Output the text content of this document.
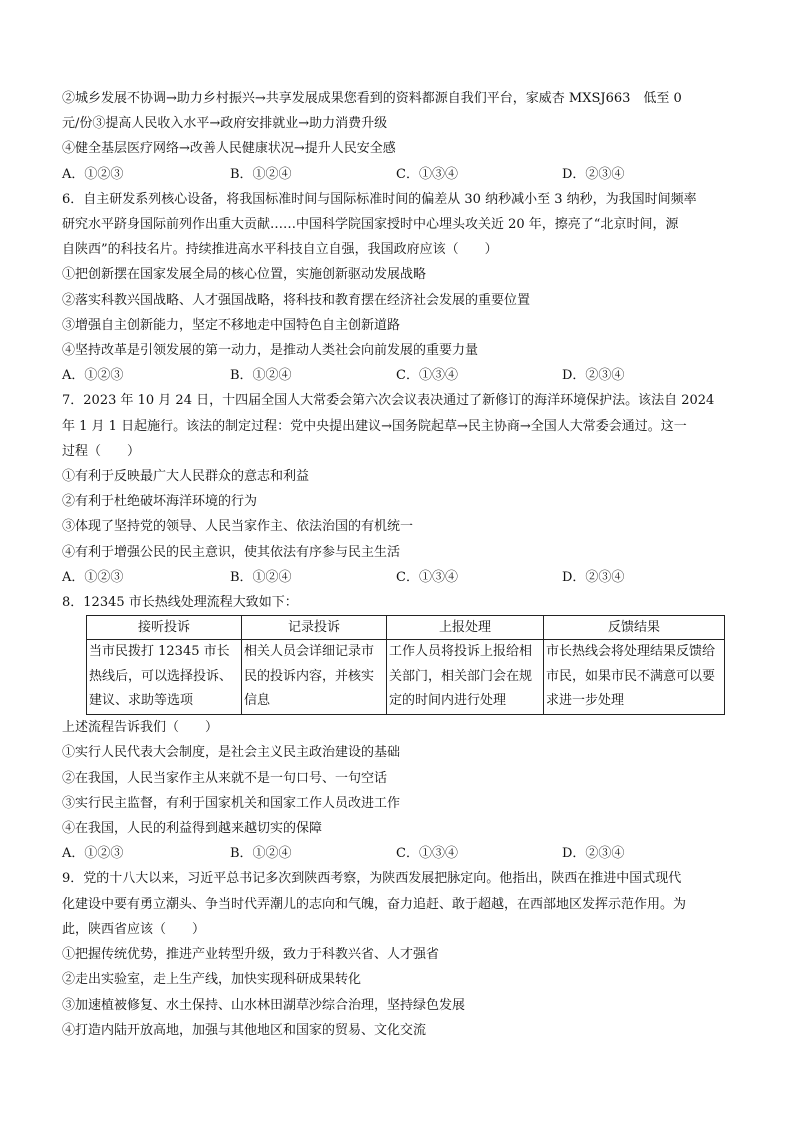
②城乡发展不协调→助力乡村振兴→共享发展成果您看到的资料都源自我们平台，家威杏 MXSJ663　低至 0
元/份③提高人民收入水平→政府安排就业→助力消费升级
④健全基层医疗网络→改善人民健康状况→提升人民安全感
A．①②③	B．①②④	C．①③④	D．②③④
6．自主研发系列核心设备，将我国标准时间与国际标准时间的偏差从 30 纳秒减小至 3 纳秒，为我国时间频率
研究水平跻身国际前列作出重大贡献……中国科学院国家授时中心埋头攻关近 20 年，擦亮了“北京时间，源
自陕西”的科技名片。持续推进高水平科技自立自强，我国政府应该（　　）
①把创新摆在国家发展全局的核心位置，实施创新驱动发展战略
②落实科教兴国战略、人才强国战略，将科技和教育摆在经济社会发展的重要位置
③增强自主创新能力，坚定不移地走中国特色自主创新道路
④坚持改革是引领发展的第一动力，是推动人类社会向前发展的重要力量
A．①②③	B．①②④	C．①③④	D．②③④
7．2023 年 10 月 24 日，十四届全国人大常委会第六次会议表决通过了新修订的海洋环境保护法。该法自 2024
年 1 月 1 日起施行。该法的制定过程：党中央提出建议→国务院起草→民主协商→全国人大常委会通过。这一
过程（　　）
①有利于反映最广大人民群众的意志和利益
②有利于杜绝破坏海洋环境的行为
③体现了坚持党的领导、人民当家作主、依法治国的有机统一
④有利于增强公民的民主意识，使其依法有序参与民主生活
A．①②③	B．①②④	C．①③④	D．②③④
8．12345 市长热线处理流程大致如下：
接听投诉	记录投诉	上报处理	反馈结果
当市民拨打 12345 市长热线后，可以选择投诉、建议、求助等选项	相关人员会详细记录市民的投诉内容，并核实信息	工作人员将投诉上报给相关部门，相关部门会在规定的时间内进行处理	市长热线会将处理结果反馈给市民，如果市民不满意可以要求进一步处理
上述流程告诉我们（　　）
①实行人民代表大会制度，是社会主义民主政治建设的基础
②在我国，人民当家作主从来就不是一句口号、一句空话
③实行民主监督，有利于国家机关和国家工作人员改进工作
④在我国，人民的利益得到越来越切实的保障
A．①②③	B．①②④	C．①③④	D．②③④
9．党的十八大以来，习近平总书记多次到陕西考察，为陕西发展把脉定向。他指出，陕西在推进中国式现代
化建设中要有勇立潮头、争当时代弄潮儿的志向和气魄，奋力追赶、敢于超越，在西部地区发挥示范作用。为
此，陕西省应该（　　）
①把握传统优势，推进产业转型升级，致力于科教兴省、人才强省
②走出实验室，走上生产线，加快实现科研成果转化
③加速植被修复、水土保持、山水林田湖草沙综合治理，坚持绿色发展
④打造内陆开放高地，加强与其他地区和国家的贸易、文化交流
